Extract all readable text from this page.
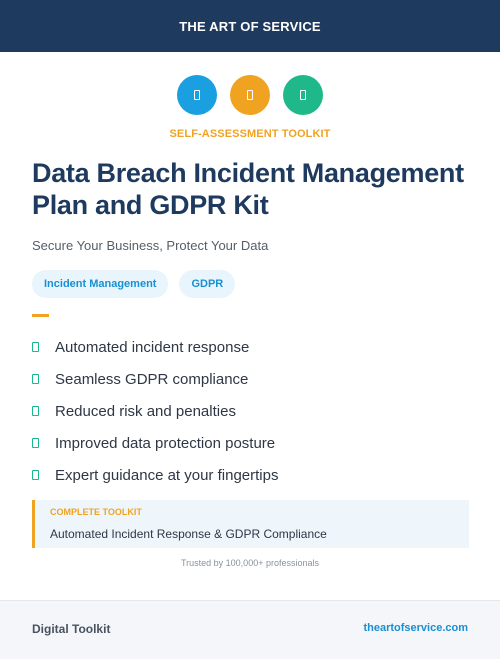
THE ART OF SERVICE
SELF-ASSESSMENT TOOLKIT
Data Breach Incident Management Plan and GDPR Kit
Secure Your Business, Protect Your Data
Incident Management	GDPR
Automated incident response
Seamless GDPR compliance
Reduced risk and penalties
Improved data protection posture
Expert guidance at your fingertips
COMPLETE TOOLKIT
Automated Incident Response & GDPR Compliance
Trusted by 100,000+ professionals
Digital Toolkit	theartofservice.com
